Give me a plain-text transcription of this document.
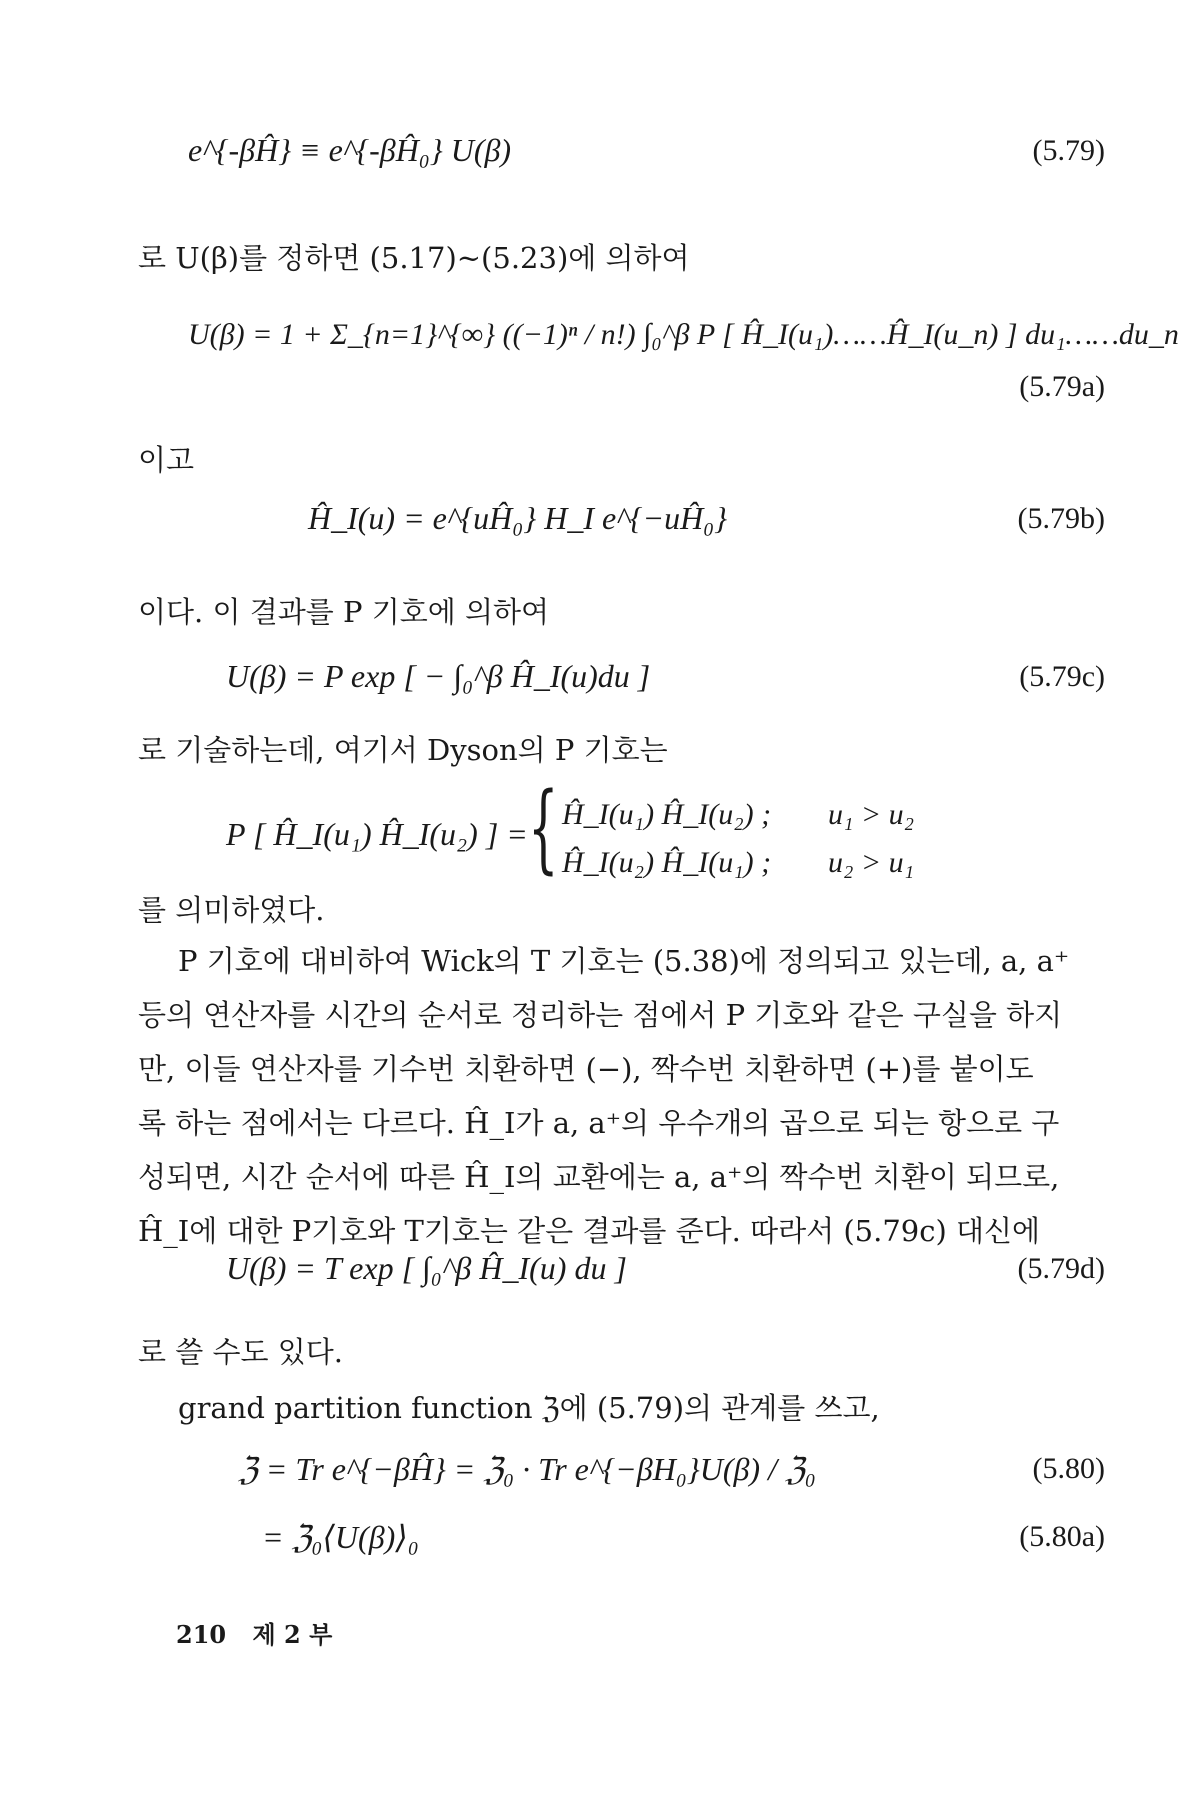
e^{-βĤ} ≡ e^{-βĤ₀} U(β)	(5.79)
로 U(β)를 정하면 (5.17)~(5.23)에 의하여
U(β) = 1 + Σ_{n=1}^{∞} ((−1)ⁿ / n!) ∫₀^β P [ Ĥ_I(u₁)……Ĥ_I(u_n) ] du₁……du_n
(5.79a)
이고
Ĥ_I(u) = e^{uĤ₀} H_I e^{−uĤ₀}	(5.79b)
이다. 이 결과를 P 기호에 의하여
U(β) = P exp [ − ∫₀^β Ĥ_I(u)du ]	(5.79c)
로 기술하는데, 여기서 Dyson의 P 기호는
P [ Ĥ_I(u₁) Ĥ_I(u₂) ] = { Ĥ_I(u₁) Ĥ_I(u₂) ; u₁ > u₂
Ĥ_I(u₂) Ĥ_I(u₁) ; u₂ > u₁
를 의미하였다.
P 기호에 대비하여 Wick의 T 기호는 (5.38)에 정의되고 있는데, a, a⁺
등의 연산자를 시간의 순서로 정리하는 점에서 P 기호와 같은 구실을 하지
만, 이들 연산자를 기수번 치환하면 (−), 짝수번 치환하면 (+)를 붙이도
록 하는 점에서는 다르다. Ĥ_I가 a, a⁺의 우수개의 곱으로 되는 항으로 구
성되면, 시간 순서에 따른 Ĥ_I의 교환에는 a, a⁺의 짝수번 치환이 되므로,
Ĥ_I에 대한 P기호와 T기호는 같은 결과를 준다. 따라서 (5.79c) 대신에
U(β) = T exp [ ∫₀^β Ĥ_I(u) du ]	(5.79d)
로 쓸 수도 있다.
grand partition function ℨ에 (5.79)의 관계를 쓰고,
ℨ = Tr e^{−βĤ} = ℨ₀ · Tr e^{−βH₀}U(β) / ℨ₀	(5.80)
= ℨ₀⟨U(β)⟩₀	(5.80a)
210 제 2 부
